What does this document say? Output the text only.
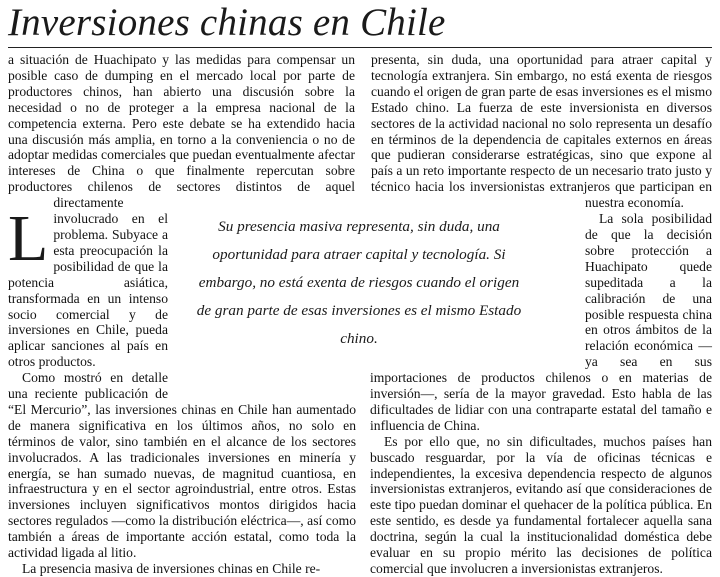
Inversiones chinas en Chile

L
a situación de Huachipato y las medidas para compensar un posible caso de dumping en el mercado local por parte de productores chinos, han abierto una discusión sobre la necesidad o no de proteger a la empresa nacional de la competencia externa. Pero este debate se ha extendido hacia una discusión más amplia, en torno a la conveniencia o no de adoptar medidas comerciales que puedan eventualmente afectar intereses de China o que finalmente repercutan sobre productores chilenos de sectores distintos de aquel directamente involucrado en el problema. Subyace a esta preocupación la posibilidad de que la potencia asiática, transformada en un intenso socio comercial y de inversiones en Chile, pueda aplicar sanciones al país en otros productos.

Como mostró en detalle una reciente publicación de “El Mercurio”, las inversiones chinas en Chile han aumentado de manera significativa en los últimos años, no solo en términos de valor, sino también en el alcance de los sectores involucrados. A las tradicionales inversiones en minería y energía, se han sumado nuevas, de magnitud cuantiosa, en infraestructura y en el sector agroindustrial, entre otros. Estas inversiones incluyen significativos montos dirigidos hacia sectores regulados —como la distribución eléctrica—, así como también a áreas de importante acción estatal, como toda la actividad ligada al litio.

La presencia masiva de inversiones chinas en Chile re-

presenta, sin duda, una oportunidad para atraer capital y tecnología extranjera. Sin embargo, no está exenta de riesgos cuando el origen de gran parte de esas inversiones es el mismo Estado chino. La fuerza de este inversionista en diversos sectores de la actividad nacional no solo representa un desafío en términos de la dependencia de capitales externos en áreas que pudieran considerarse estratégicas, sino que expone al país a un reto importante respecto de un necesario trato justo y técnico hacia los inversionistas extranjeros que participan en nuestra economía.

La sola posibilidad de que la decisión sobre protección a Huachipato quede supeditada a la calibración de una posible respuesta china en otros ámbitos de la relación económica —ya sea en sus importaciones de productos chilenos o en materias de inversión—, sería de la mayor gravedad. Esto habla de las dificultades de lidiar con una contraparte estatal del tamaño e influencia de China.

Es por ello que, no sin dificultades, muchos países han buscado resguardar, por la vía de oficinas técnicas e independientes, la excesiva dependencia respecto de algunos inversionistas extranjeros, evitando así que consideraciones de este tipo puedan dominar el quehacer de la política pública. En este sentido, es desde ya fundamental fortalecer aquella sana doctrina, según la cual la institucionalidad doméstica debe evaluar en su propio mérito las decisiones de política comercial que involucren a inversionistas extranjeros.

Su presencia masiva representa, sin duda, una oportunidad para atraer capital y tecnología. Si embargo, no está exenta de riesgos cuando el origen de gran parte de esas inversiones es el mismo Estado chino.
